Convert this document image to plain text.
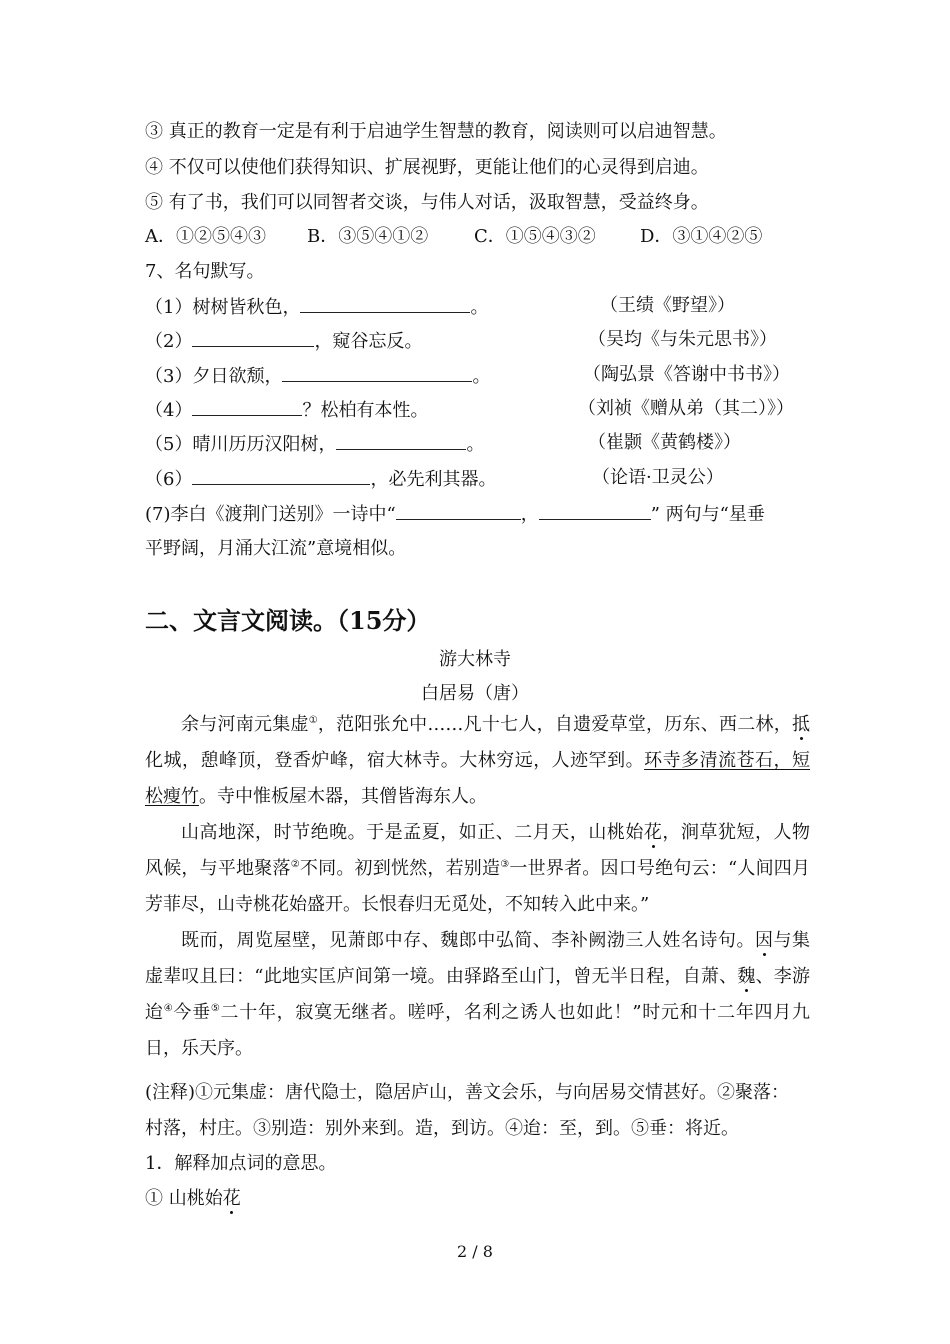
③ 真正的教育一定是有利于启迪学生智慧的教育，阅读则可以启迪智慧。
④ 不仅可以使他们获得知识、扩展视野，更能让他们的心灵得到启迪。
⑤ 有了书，我们可以同智者交谈，与伟人对话，汲取智慧，受益终身。
A．①②⑤④③ B．③⑤④①②	C．①⑤④③② D．③①④②⑤
7、名句默写。
（1）树树皆秋色，	。	（王绩《野望》）
（2）	，窥谷忘反。	（吴均《与朱元思书》）
（3）夕日欲颓，	。	（陶弘景《答谢中书书》）
（4）	？松柏有本性。	（刘祯《赠从弟（其二）》）
（5）晴川历历汉阳树，	。	（崔颢《黄鹤楼》）
（6）	，必先利其器。	（论语·卫灵公）
(7)李白《渡荆门送别》一诗中“	，	” 两句与“星垂
平野阔，月涌大江流”意境相似。
二、文言文阅读。（15分）
游大林寺
白居易（唐）

余与河南元集虚①，范阳张允中……凡十七人，自遗爱草堂，历东、西二林，抵化城，憩峰顶，登香炉峰，宿大林寺。大林穷远，人迹罕到。环寺多清流苍石，短松瘦竹。寺中惟板屋木器，其僧皆海东人。

山高地深，时节绝晚。于是孟夏，如正、二月天，山桃始花，涧草犹短，人物风候，与平地聚落②不同。初到恍然，若别造③一世界者。因口号绝句云：“人间四月芳菲尽，山寺桃花始盛开。长恨春归无觅处，不知转入此中来。”

既而，周览屋壁，见萧郎中存、魏郎中弘简、李补阙渤三人姓名诗句。因与集虚辈叹且曰：“此地实匡庐间第一境。由驿路至山门，曾无半日程，自萧、魏、李游迨④今垂⑤二十年，寂寞无继者。嗟呼，名利之诱人也如此！”时元和十二年四月九日，乐天序。

(注释)①元集虚：唐代隐士，隐居庐山，善文会乐，与向居易交情甚好。②聚落：
村落，村庄。③别造：别外来到。造，到访。④迨：至，到。⑤垂：将近。
1．解释加点词的意思。
① 山桃始花
2 / 8
